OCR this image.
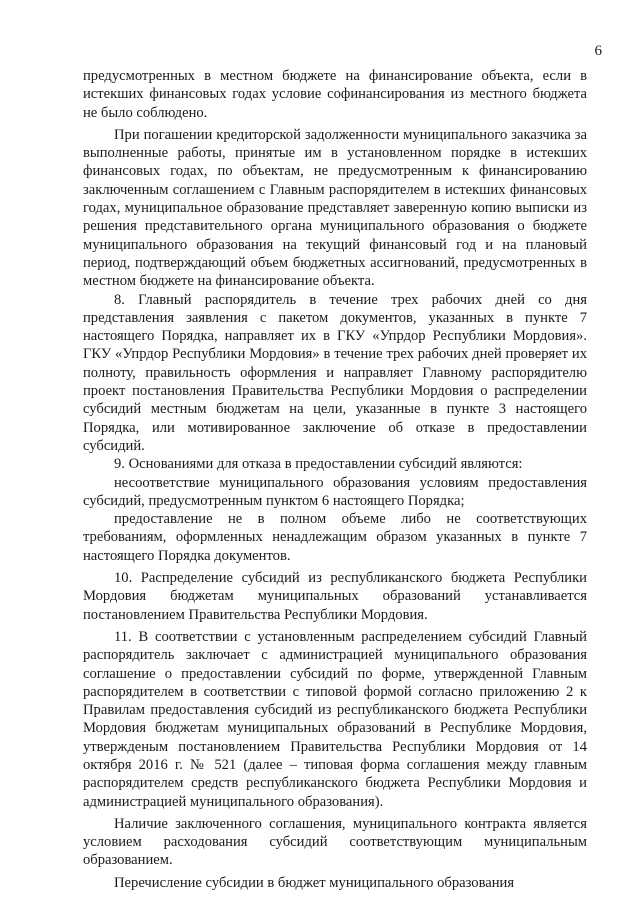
6

предусмотренных в местном бюджете на финансирование объекта, если в истекших финансовых годах условие софинансирования из местного бюджета не было соблюдено.

При погашении кредиторской задолженности муниципального заказчика за выполненные работы, принятые им в установленном порядке в истекших финансовых годах, по объектам, не предусмотренным к финансированию заключенным соглашением с Главным распорядителем в истекших финансовых годах, муниципальное образование представляет заверенную копию выписки из решения представительного органа муниципального образования о бюджете муниципального образования на текущий финансовый год и на плановый период, подтверждающий объем бюджетных ассигнований, предусмотренных в местном бюджете на финансирование объекта.

8. Главный распорядитель в течение трех рабочих дней со дня представления заявления с пакетом документов, указанных в пункте 7 настоящего Порядка, направляет их в ГКУ «Упрдор Республики Мордовия». ГКУ «Упрдор Республики Мордовия» в течение трех рабочих дней проверяет их полноту, правильность оформления и направляет Главному распорядителю проект постановления Правительства Республики Мордовия о распределении субсидий местным бюджетам на цели, указанные в пункте 3 настоящего Порядка, или мотивированное заключение об отказе в предоставлении субсидий.

9. Основаниями для отказа в предоставлении субсидий являются:

несоответствие муниципального образования условиям предоставления субсидий, предусмотренным пунктом 6 настоящего Порядка;

предоставление не в полном объеме либо не соответствующих требованиям, оформленных ненадлежащим образом указанных в пункте 7 настоящего Порядка документов.

10. Распределение субсидий из республиканского бюджета Республики Мордовия бюджетам муниципальных образований устанавливается постановлением Правительства Республики Мордовия.

11. В соответствии с установленным распределением субсидий Главный распорядитель заключает с администрацией муниципального образования соглашение о предоставлении субсидий по форме, утвержденной Главным распорядителем в соответствии с типовой формой согласно приложению 2 к Правилам предоставления субсидий из республиканского бюджета Республики Мордовия бюджетам муниципальных образований в Республике Мордовия, утвержденым постановлением Правительства Республики Мордовия от 14 октября 2016 г. № 521 (далее – типовая форма соглашения между главным распорядителем средств республиканского бюджета Республики Мордовия и администрацией муниципального образования).

Наличие заключенного соглашения, муниципального контракта является условием расходования субсидий соответствующим муниципальным образованием.

Перечисление субсидии в бюджет муниципального образования
